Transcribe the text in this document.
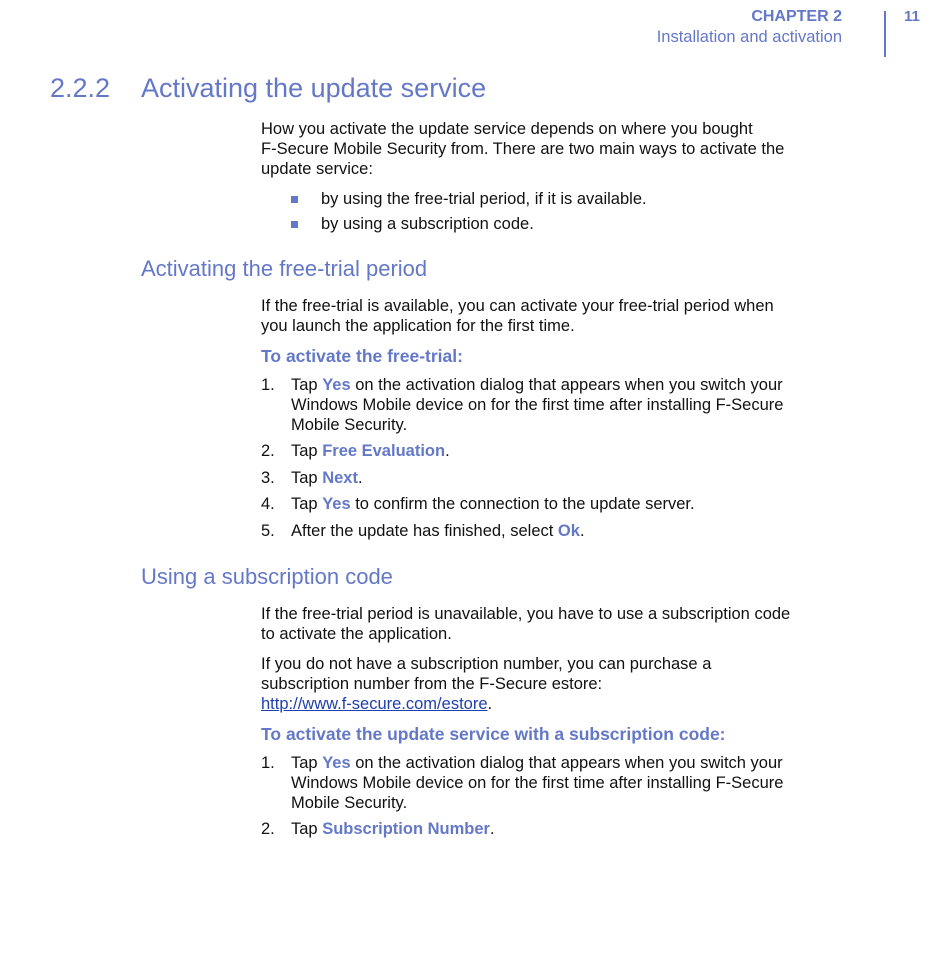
CHAPTER 2
Installation and activation
11
2.2.2 Activating the update service

How you activate the update service depends on where you bought

F-Secure Mobile Security from. There are two main ways to activate the

update service:

by using the free-trial period, if it is available.
by using a subscription code.
Activating the free-trial period

If the free-trial is available, you can activate your free-trial period when

you launch the application for the first time.

To activate the free-trial:
1. Tap Yes on the activation dialog that appears when you switch your
Windows Mobile device on for the first time after installing F-Secure
Mobile Security.
2. Tap Free Evaluation.
3. Tap Next.
4. Tap Yes to confirm the connection to the update server.
5. After the update has finished, select Ok.
Using a subscription code

If the free-trial period is unavailable, you have to use a subscription code

to activate the application.

If you do not have a subscription number, you can purchase a

subscription number from the F-Secure estore:

http://www.f-secure.com/estore.

To activate the update service with a subscription code:
1. Tap Yes on the activation dialog that appears when you switch your
Windows Mobile device on for the first time after installing F-Secure
Mobile Security.
2. Tap Subscription Number.
